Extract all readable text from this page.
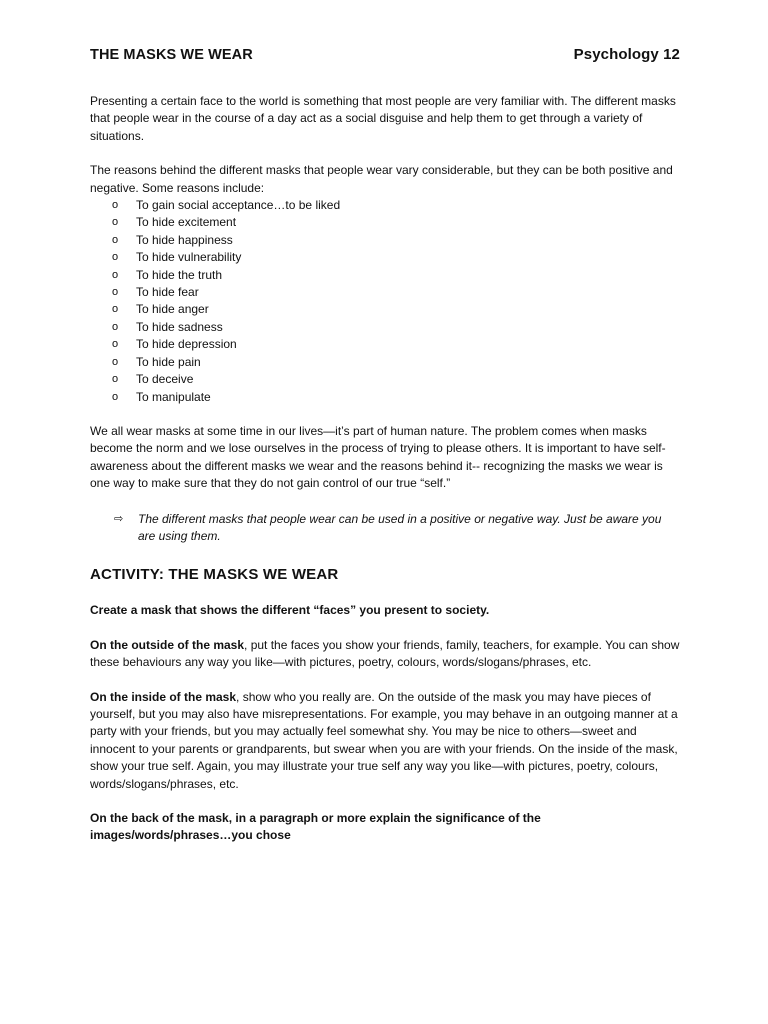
THE MASKS WE WEAR	Psychology 12

Presenting a certain face to the world is something that most people are very familiar with. The different masks that people wear in the course of a day act as a social disguise and help them to get through a variety of situations.

The reasons behind the different masks that people wear vary considerable, but they can be both positive and negative. Some reasons include:

o To gain social acceptance…to be liked
o To hide excitement
o To hide happiness
o To hide vulnerability
o To hide the truth
o To hide fear
o To hide anger
o To hide sadness
o To hide depression
o To hide pain
o To deceive
o To manipulate

We all wear masks at some time in our lives—it’s part of human nature. The problem comes when masks become the norm and we lose ourselves in the process of trying to please others. It is important to have self-awareness about the different masks we wear and the reasons behind it-- recognizing the masks we wear is one way to make sure that they do not gain control of our true “self.”

⇨ The different masks that people wear can be used in a positive or negative way. Just be aware you are using them.
ACTIVITY: THE MASKS WE WEAR

Create a mask that shows the different “faces” you present to society.

On the outside of the mask, put the faces you show your friends, family, teachers, for example. You can show these behaviours any way you like—with pictures, poetry, colours, words/slogans/phrases, etc.

On the inside of the mask, show who you really are. On the outside of the mask you may have pieces of yourself, but you may also have misrepresentations. For example, you may behave in an outgoing manner at a party with your friends, but you may actually feel somewhat shy. You may be nice to others—sweet and innocent to your parents or grandparents, but swear when you are with your friends. On the inside of the mask, show your true self. Again, you may illustrate your true self any way you like—with pictures, poetry, colours, words/slogans/phrases, etc.

On the back of the mask, in a paragraph or more explain the significance of the images/words/phrases…you chose
